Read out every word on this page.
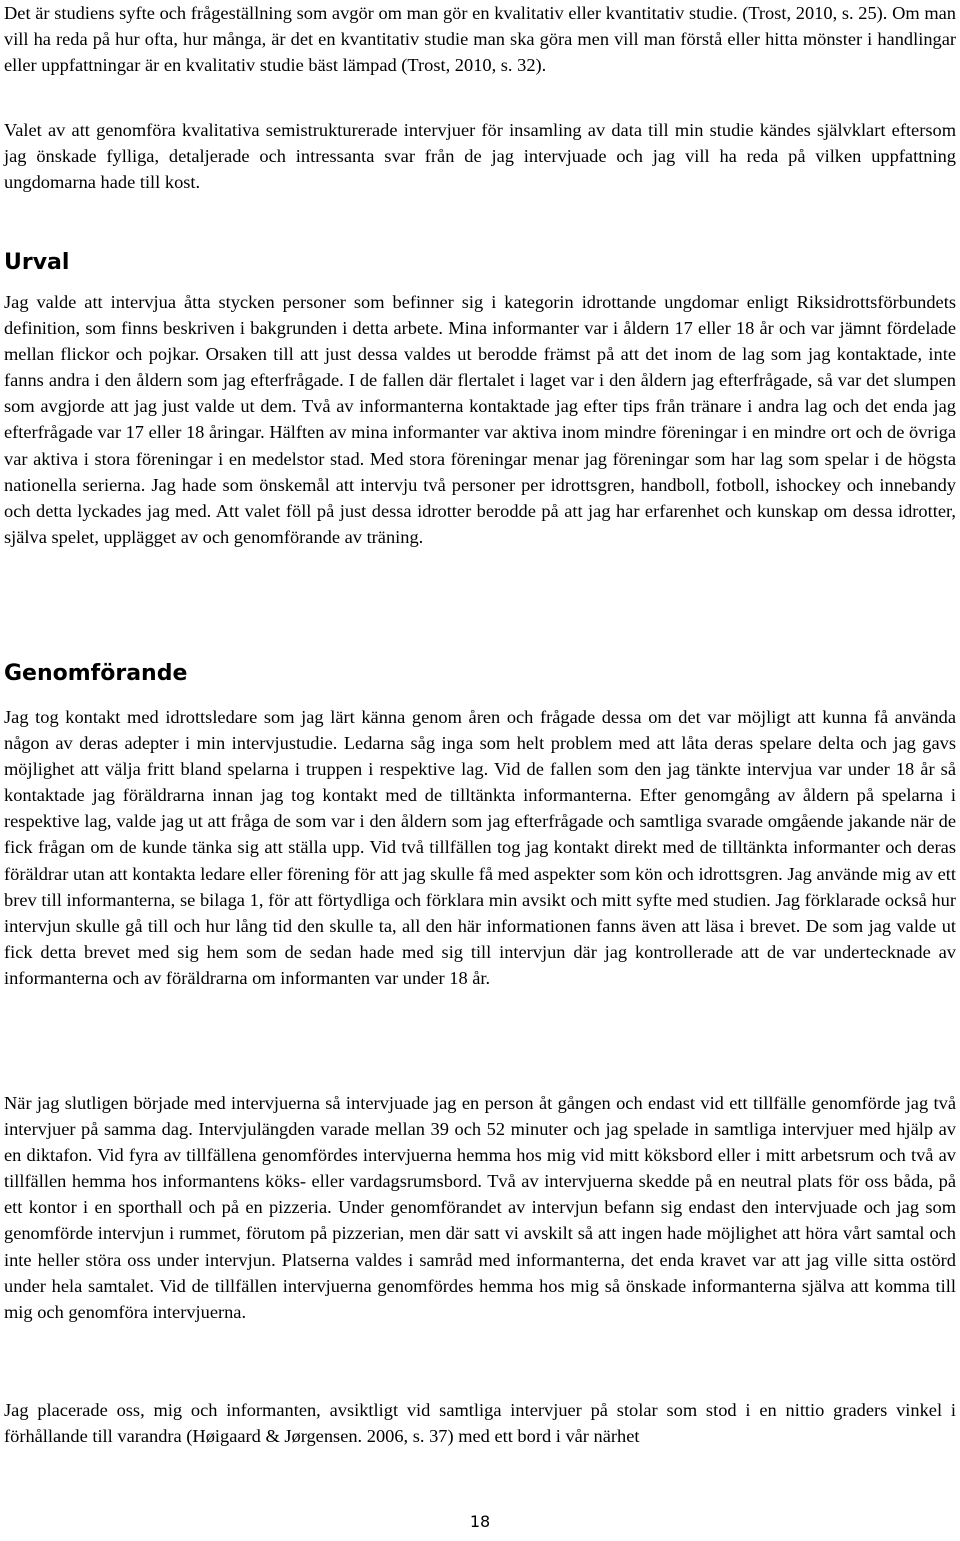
Det är studiens syfte och frågeställning som avgör om man gör en kvalitativ eller kvantitativ studie. (Trost, 2010, s. 25). Om man vill ha reda på hur ofta, hur många, är det en kvantitativ studie man ska göra men vill man förstå eller hitta mönster i handlingar eller uppfattningar är en kvalitativ studie bäst lämpad (Trost, 2010, s. 32).

Valet av att genomföra kvalitativa semistrukturerade intervjuer för insamling av data till min studie kändes självklart eftersom jag önskade fylliga, detaljerade och intressanta svar från de jag intervjuade och jag vill ha reda på vilken uppfattning ungdomarna hade till kost.

Urval

Jag valde att intervjua åtta stycken personer som befinner sig i kategorin idrottande ungdomar enligt Riksidrottsförbundets definition, som finns beskriven i bakgrunden i detta arbete. Mina informanter var i åldern 17 eller 18 år och var jämnt fördelade mellan flickor och pojkar. Orsaken till att just dessa valdes ut berodde främst på att det inom de lag som jag kontaktade, inte fanns andra i den åldern som jag efterfrågade. I de fallen där flertalet i laget var i den åldern jag efterfrågade, så var det slumpen som avgjorde att jag just valde ut dem. Två av informanterna kontaktade jag efter tips från tränare i andra lag och det enda jag efterfrågade var 17 eller 18 åringar. Hälften av mina informanter var aktiva inom mindre föreningar i en mindre ort och de övriga var aktiva i stora föreningar i en medelstor stad. Med stora föreningar menar jag föreningar som har lag som spelar i de högsta nationella serierna. Jag hade som önskemål att intervju två personer per idrottsgren, handboll, fotboll, ishockey och innebandy och detta lyckades jag med. Att valet föll på just dessa idrotter berodde på att jag har erfarenhet och kunskap om dessa idrotter, själva spelet, upplägget av och genomförande av träning.

Genomförande

Jag tog kontakt med idrottsledare som jag lärt känna genom åren och frågade dessa om det var möjligt att kunna få använda någon av deras adepter i min intervjustudie. Ledarna såg inga som helt problem med att låta deras spelare delta och jag gavs möjlighet att välja fritt bland spelarna i truppen i respektive lag. Vid de fallen som den jag tänkte intervjua var under 18 år så kontaktade jag föräldrarna innan jag tog kontakt med de tilltänkta informanterna. Efter genomgång av åldern på spelarna i respektive lag, valde jag ut att fråga de som var i den åldern som jag efterfrågade och samtliga svarade omgående jakande när de fick frågan om de kunde tänka sig att ställa upp. Vid två tillfällen tog jag kontakt direkt med de tilltänkta informanter och deras föräldrar utan att kontakta ledare eller förening för att jag skulle få med aspekter som kön och idrottsgren. Jag använde mig av ett brev till informanterna, se bilaga 1, för att förtydliga och förklara min avsikt och mitt syfte med studien. Jag förklarade också hur intervjun skulle gå till och hur lång tid den skulle ta, all den här informationen fanns även att läsa i brevet. De som jag valde ut fick detta brevet med sig hem som de sedan hade med sig till intervjun där jag kontrollerade att de var undertecknade av informanterna och av föräldrarna om informanten var under 18 år.

När jag slutligen började med intervjuerna så intervjuade jag en person åt gången och endast vid ett tillfälle genomförde jag två intervjuer på samma dag. Intervjulängden varade mellan 39 och 52 minuter och jag spelade in samtliga intervjuer med hjälp av en diktafon. Vid fyra av tillfällena genomfördes intervjuerna hemma hos mig vid mitt köksbord eller i mitt arbetsrum och två av tillfällen hemma hos informantens köks- eller vardagsrumsbord. Två av intervjuerna skedde på en neutral plats för oss båda, på ett kontor i en sporthall och på en pizzeria. Under genomförandet av intervjun befann sig endast den intervjuade och jag som genomförde intervjun i rummet, förutom på pizzerian, men där satt vi avskilt så att ingen hade möjlighet att höra vårt samtal och inte heller störa oss under intervjun. Platserna valdes i samråd med informanterna, det enda kravet var att jag ville sitta ostörd under hela samtalet. Vid de tillfällen intervjuerna genomfördes hemma hos mig så önskade informanterna själva att komma till mig och genomföra intervjuerna.

Jag placerade oss, mig och informanten, avsiktligt vid samtliga intervjuer på stolar som stod i en nittio graders vinkel i förhållande till varandra (Høigaard & Jørgensen. 2006, s. 37) med ett bord i vår närhet

18
